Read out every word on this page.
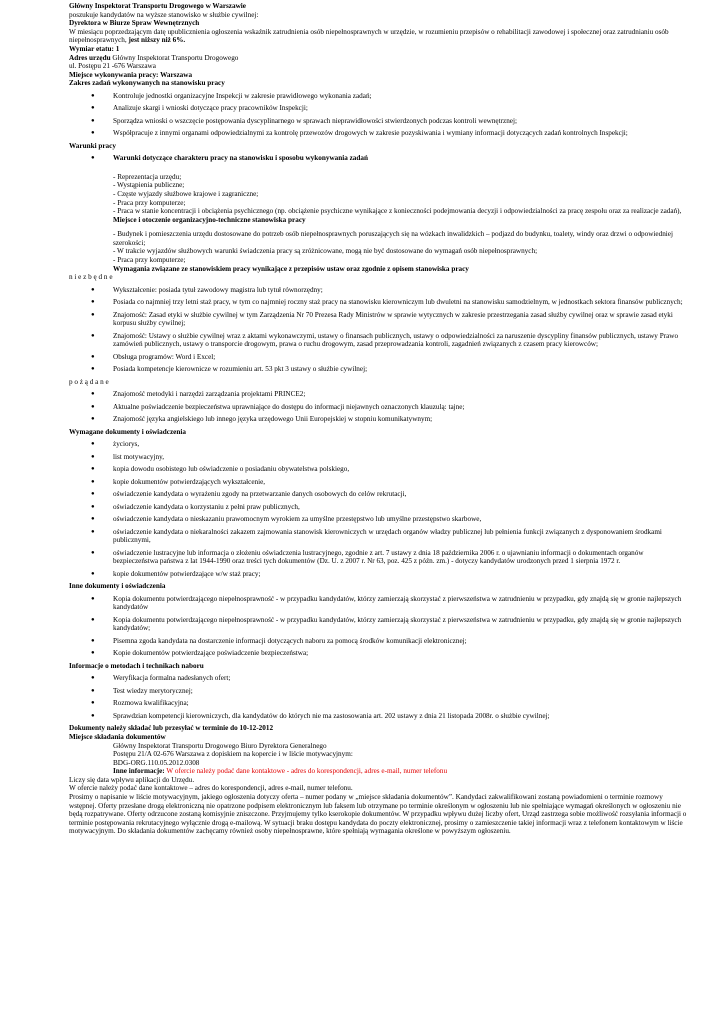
Główny Inspektorat Transportu Drogowego w Warszawie

poszukuje kandydatów na wyższe stanowisko w służbie cywilnej:

Dyrektora w Biurze Spraw Wewnętrznych

W miesiącu poprzedzającym datę upublicznienia ogłoszenia wskaźnik zatrudnienia osób niepełnosprawnych w urzędzie, w rozumieniu przepisów o rehabilitacji zawodowej i społecznej oraz zatrudnianiu osób niepełnosprawnych, jest niższy niż 6%.

Wymiar etatu: 1

Adres urzędu Główny Inspektorat Transportu Drogowego

ul. Postępu 21 -676 Warszawa

Miejsce wykonywania pracy: Warszawa

Zakres zadań wykonywanych na stanowisku pracy

● Kontroluje jednostki organizacyjne Inspekcji w zakresie prawidłowego wykonania zadań;
● Analizuje skargi i wnioski dotyczące pracy pracowników Inspekcji;
● Sporządza wnioski o wszczęcie postępowania dyscyplinarnego w sprawach nieprawidłowości stwierdzonych podczas kontroli wewnętrznej;
● Współpracuje z innymi organami odpowiedzialnymi za kontrolę przewozów drogowych w zakresie pozyskiwania i wymiany informacji dotyczących zadań kontrolnych Inspekcji;

Warunki pracy

● Warunki dotyczące charakteru pracy na stanowisku i sposobu wykonywania zadań

- Reprezentacja urzędu;

- Wystąpienia publiczne;

- Częste wyjazdy służbowe krajowe i zagraniczne;

- Praca przy komputerze;

- Praca w stanie koncentracji i obciążenia psychicznego (np. obciążenie psychiczne wynikające z konieczności podejmowania decyzji i odpowiedzialności za pracę zespołu oraz za realizacje zadań),

Miejsce i otoczenie organizacyjno-techniczne stanowiska pracy

- Budynek i pomieszczenia urzędu dostosowane do potrzeb osób niepełnosprawnych poruszających się na wózkach inwalidzkich – podjazd do budynku, toalety, windy oraz drzwi o odpowiedniej szerokości;

- W trakcie wyjazdów służbowych warunki świadczenia pracy są zróżnicowane, mogą nie być dostosowane do wymagań osób niepełnosprawnych;

- Praca przy komputerze;

Wymagania związane ze stanowiskiem pracy wynikające z przepisów ustaw oraz zgodnie z opisem stanowiska pracy

n i e z b ę d n e

● Wykształcenie: posiada tytuł zawodowy magistra lub tytuł równorzędny;
● Posiada co najmniej trzy letni staż pracy, w tym co najmniej roczny staż pracy na stanowisku kierowniczym lub dwuletni na stanowisku samodzielnym, w jednostkach sektora finansów publicznych;
● Znajomość: Zasad etyki w służbie cywilnej w tym Zarządzenia Nr 70 Prezesa Rady Ministrów w sprawie wytycznych w zakresie przestrzegania zasad służby cywilnej oraz w sprawie zasad etyki korpusu służby cywilnej;
● Znajomość: Ustawy o służbie cywilnej wraz z aktami wykonawczymi, ustawy o finansach publicznych, ustawy o odpowiedzialności za naruszenie dyscypliny finansów publicznych, ustawy Prawo zamówień publicznych, ustawy o transporcie drogowym, prawa o ruchu drogowym, zasad przeprowadzania kontroli, zagadnień związanych z czasem pracy kierowców;
● Obsługa programów: Word i Excel;
● Posiada kompetencje kierownicze w rozumieniu art. 53 pkt 3 ustawy o służbie cywilnej;

p o ż ą d a n e

● Znajomość metodyki i narzędzi zarządzania projektami PRINCE2;
● Aktualne poświadczenie bezpieczeństwa uprawniające do dostępu do informacji niejawnych oznaczonych klauzulą: tajne;
● Znajomość języka angielskiego lub innego języka urzędowego Unii Europejskiej w stopniu komunikatywnym;

Wymagane dokumenty i oświadczenia

● życiorys,
● list motywacyjny,
● kopia dowodu osobistego lub oświadczenie o posiadaniu obywatelstwa polskiego,
● kopie dokumentów potwierdzających wykształcenie,
● oświadczenie kandydata o wyrażeniu zgody na przetwarzanie danych osobowych do celów rekrutacji,
● oświadczenie kandydata o korzystaniu z pełni praw publicznych,
● oświadczenie kandydata o nieskazaniu prawomocnym wyrokiem za umyślne przestępstwo lub umyślne przestępstwo skarbowe,
● oświadczenie kandydata o niekaralności zakazem zajmowania stanowisk kierowniczych w urzędach organów władzy publicznej lub pełnienia funkcji związanych z dysponowaniem środkami publicznymi,
● oświadczenie lustracyjne lub informacja o złożeniu oświadczenia lustracyjnego, zgodnie z art. 7 ustawy z dnia 18 października 2006 r. o ujawnianiu informacji o dokumentach organów bezpieczeństwa państwa z lat 1944-1990 oraz treści tych dokumentów (Dz. U. z 2007 r. Nr 63, poz. 425 z późn. zm.) - dotyczy kandydatów urodzonych przed 1 sierpnia 1972 r.
● kopie dokumentów potwierdzające w/w staż pracy;

Inne dokumenty i oświadczenia

● Kopia dokumentu potwierdzającego niepełnosprawność - w przypadku kandydatów, którzy zamierzają skorzystać z pierwszeństwa w zatrudnieniu w przypadku, gdy znajdą się w gronie najlepszych kandydatów
● Kopia dokumentu potwierdzającego niepełnosprawność - w przypadku kandydatów, którzy zamierzają skorzystać z pierwszeństwa w zatrudnieniu w przypadku, gdy znajdą się w gronie najlepszych kandydatów;
● Pisemna zgoda kandydata na dostarczenie informacji dotyczących naboru za pomocą środków komunikacji elektronicznej;
● Kopie dokumentów potwierdzające poświadczenie bezpieczeństwa;

Informacje o metodach i technikach naboru

● Weryfikacja formalna nadesłanych ofert;
● Test wiedzy merytorycznej;
● Rozmowa kwalifikacyjna;
● Sprawdzian kompetencji kierowniczych, dla kandydatów do których nie ma zastosowania art. 202 ustawy z dnia 21 listopada 2008r. o służbie cywilnej;

Dokumenty należy składać lub przesyłać w terminie do 10-12-2012

Miejsce składania dokumentów

Główny Inspektorat Transportu Drogowego Biuro Dyrektora Generalnego

Postępu 21/A 02-676 Warszawa z dopiskiem na kopercie i w liście motywacyjnym:

BDG-ORG.110.05.2012.0308

Inne informacje: W ofercie należy podać dane kontaktowe - adres do korespondencji, adres e-mail, numer telefonu

Liczy się data wpływu aplikacji do Urzędu.

W ofercie należy podać dane kontaktowe – adres do korespondencji, adres e-mail, numer telefonu.

Prosimy o napisanie w liście motywacyjnym, jakiego ogłoszenia dotyczy oferta – numer podany w „miejsce składania dokumentów”. Kandydaci zakwalifikowani zostaną powiadomieni o terminie rozmowy wstępnej. Oferty przesłane drogą elektroniczną nie opatrzone podpisem elektronicznym lub faksem lub otrzymane po terminie określonym w ogłoszeniu lub nie spełniające wymagań określonych w ogłoszeniu nie będą rozpatrywane. Oferty odrzucone zostaną komisyjnie zniszczone. Przyjmujemy tylko kserokopie dokumentów. W przypadku wpływu dużej liczby ofert, Urząd zastrzega sobie możliwość rozsyłania informacji o terminie postępowania rekrutacyjnego wyłącznie drogą e-mailową. W sytuacji braku dostępu kandydata do poczty elektronicznej, prosimy o zamieszczenie takiej informacji wraz z telefonem kontaktowym w liście motywacyjnym. Do składania dokumentów zachęcamy również osoby niepełnosprawne, które spełniają wymagania określone w powyższym ogłoszeniu.
